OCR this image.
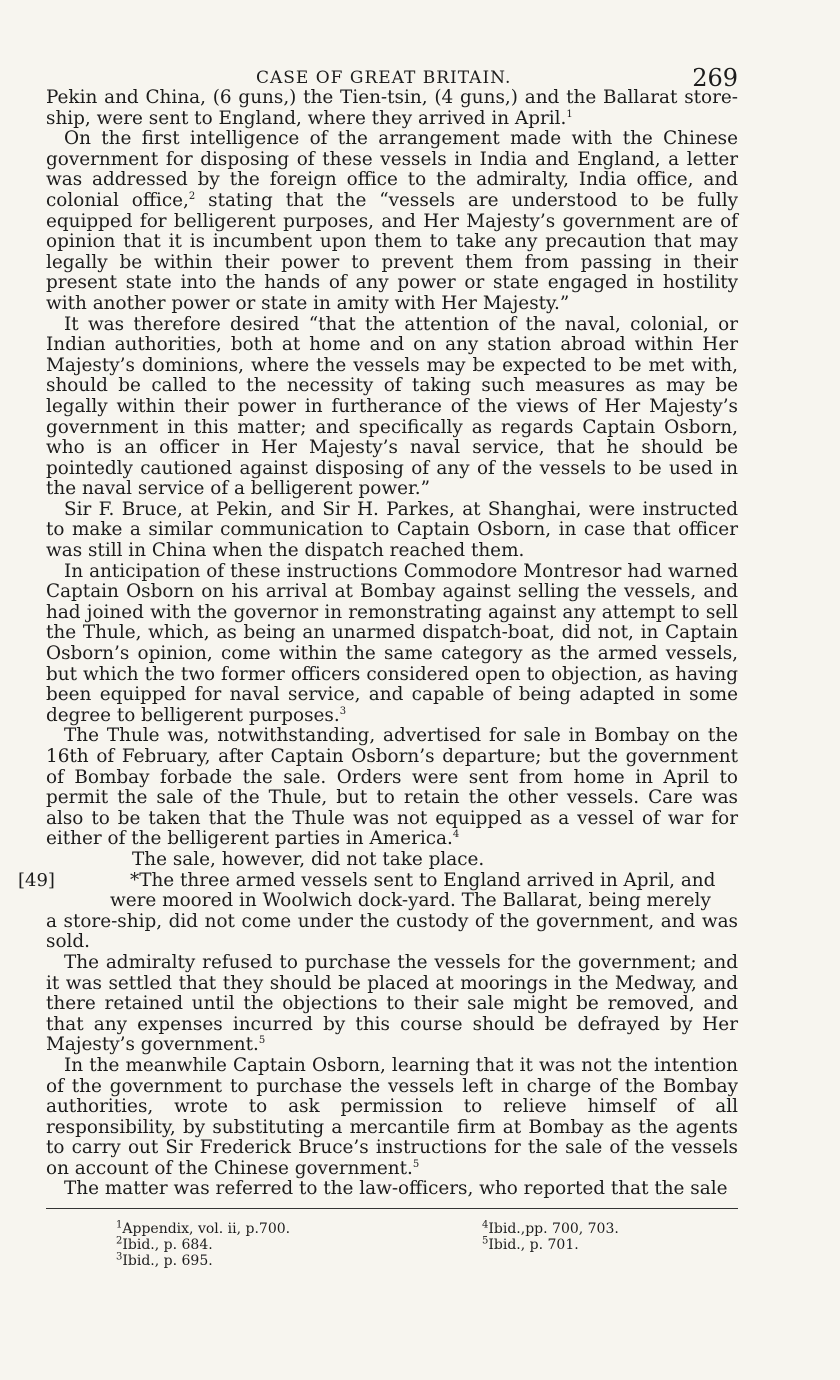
CASE OF GREAT BRITAIN.	269

Pekin and China, (6 guns,) the Tien-tsin, (4 guns,) and the Ballarat store-ship, were sent to England, where they arrived in April.$^1$

On the first intelligence of the arrangement made with the Chinese government for disposing of these vessels in India and England, a letter was addressed by the foreign office to the admiralty, India office, and colonial office,$^2$ stating that the “vessels are understood to be fully equipped for belligerent purposes, and Her Majesty’s government are of opinion that it is incumbent upon them to take any precaution that may legally be within their power to prevent them from passing in their present state into the hands of any power or state engaged in hostility with another power or state in amity with Her Majesty.”

It was therefore desired “that the attention of the naval, colonial, or Indian authorities, both at home and on any station abroad within Her Majesty’s dominions, where the vessels may be expected to be met with, should be called to the necessity of taking such measures as may be legally within their power in furtherance of the views of Her Majesty’s government in this matter; and specifically as regards Captain Osborn, who is an officer in Her Majesty’s naval service, that he should be pointedly cautioned against disposing of any of the vessels to be used in the naval service of a belligerent power.”

Sir F. Bruce, at Pekin, and Sir H. Parkes, at Shanghai, were instructed to make a similar communication to Captain Osborn, in case that officer was still in China when the dispatch reached them.

In anticipation of these instructions Commodore Montresor had warned Captain Osborn on his arrival at Bombay against selling the vessels, and had joined with the governor in remonstrating against any attempt to sell the Thule, which, as being an unarmed dispatch-boat, did not, in Captain Osborn’s opinion, come within the same category as the armed vessels, but which the two former officers considered open to objection, as having been equipped for naval service, and capable of being adapted in some degree to belligerent purposes.$^3$

The Thule was, notwithstanding, advertised for sale in Bombay on the 16th of February, after Captain Osborn’s departure; but the government of Bombay forbade the sale. Orders were sent from home in April to permit the sale of the Thule, but to retain the other vessels. Care was also to be taken that the Thule was not equipped as a vessel of war for either of the belligerent parties in America.$^4$

The sale, however, did not take place.

[49]	*The three armed vessels sent to England arrived in April, and

were moored in Woolwich dock-yard. The Ballarat, being merely

a store-ship, did not come under the custody of the government, and was sold.

The admiralty refused to purchase the vessels for the government; and it was settled that they should be placed at moorings in the Medway, and there retained until the objections to their sale might be removed, and that any expenses incurred by this course should be defrayed by Her Majesty’s government.$^5$

In the meanwhile Captain Osborn, learning that it was not the intention of the government to purchase the vessels left in charge of the Bombay authorities, wrote to ask permission to relieve himself of all responsibility, by substituting a mercantile firm at Bombay as the agents to carry out Sir Frederick Bruce’s instructions for the sale of the vessels on account of the Chinese government.$^5$

The matter was referred to the law-officers, who reported that the sale

$^1$Appendix, vol. ii, p.700.
$^2$Ibid., p. 684.
$^3$Ibid., p. 695.
$^4$Ibid.,pp. 700, 703.
$^5$Ibid., p. 701.
